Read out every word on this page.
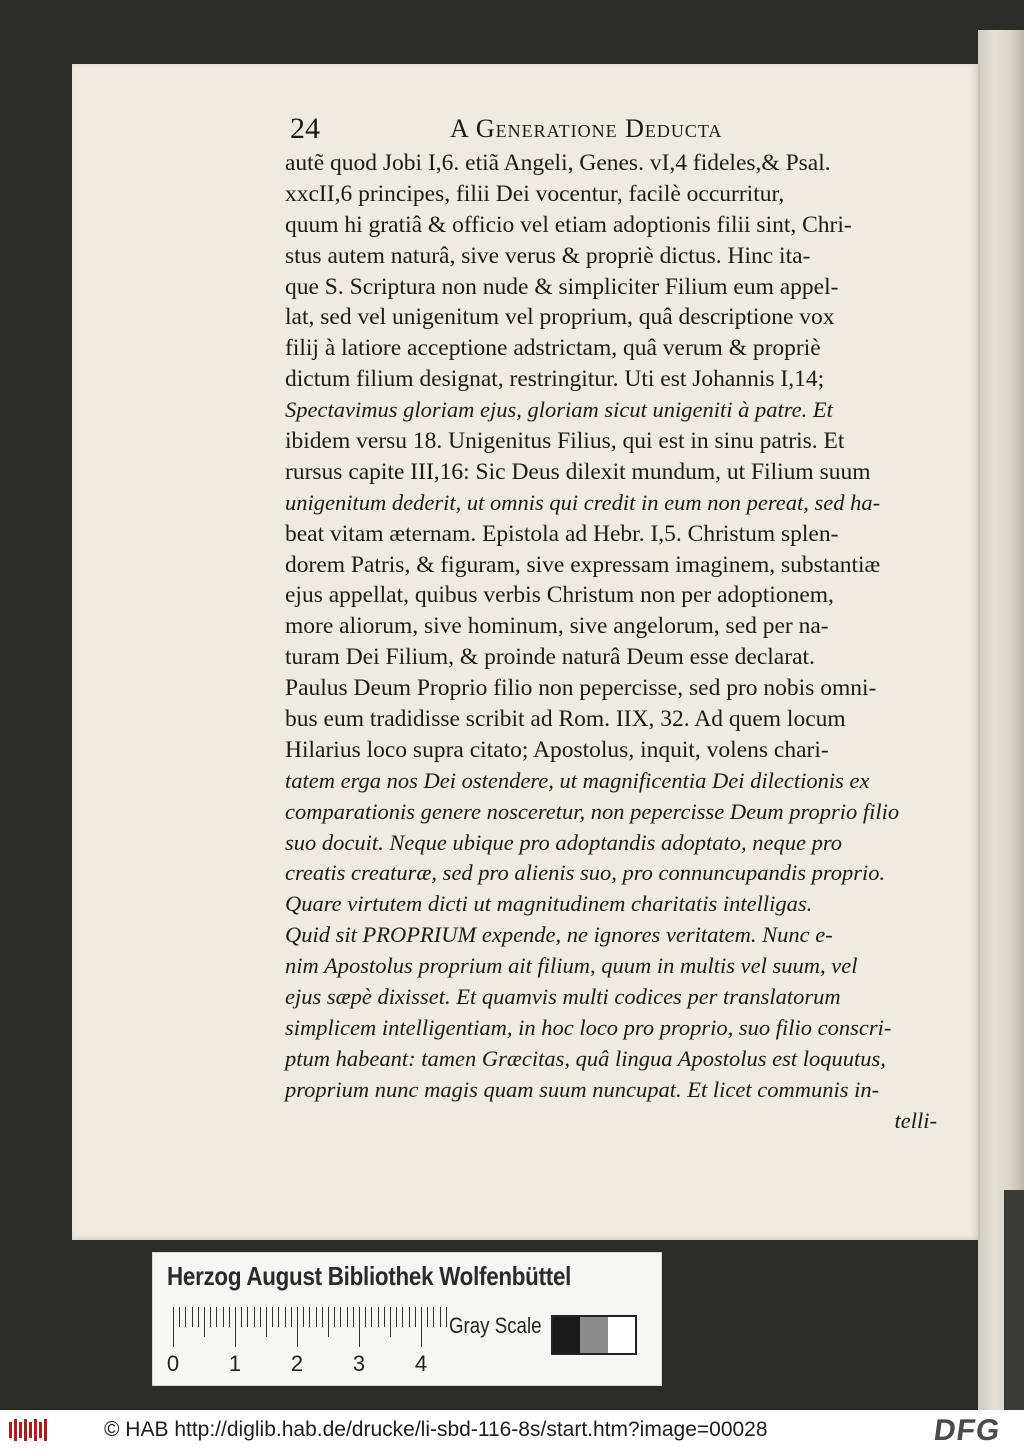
24	A Generatione Deducta
autẽ quod Jobi I,6. etiã Angeli, Genes. vI,4 fideles,& Psal.
xxcII,6 principes, filii Dei vocentur, facilè occurritur,
quum hi gratiâ & officio vel etiam adoptionis filii sint, Chri-
stus autem naturâ, sive verus & propriè dictus. Hinc ita-
que S. Scriptura non nude & simpliciter Filium eum appel-
lat, sed vel unigenitum vel proprium, quâ descriptione vox
filij à latiore acceptione adstrictam, quâ verum & propriè
dictum filium designat, restringitur. Uti est Johannis I,14;
Spectavimus gloriam ejus, gloriam sicut unigeniti à patre. Et
ibidem versu 18. Unigenitus Filius, qui est in sinu patris. Et
rursus capite III,16: Sic Deus dilexit mundum, ut Filium suum
unigenitum dederit, ut omnis qui credit in eum non pereat, sed ha-
beat vitam æternam. Epistola ad Hebr. I,5. Christum splen-
dorem Patris, & figuram, sive expressam imaginem, substantiæ
ejus appellat, quibus verbis Christum non per adoptionem,
more aliorum, sive hominum, sive angelorum, sed per na-
turam Dei Filium, & proinde naturâ Deum esse declarat.
Paulus Deum Proprio filio non pepercisse, sed pro nobis omni-
bus eum tradidisse scribit ad Rom. IIX, 32. Ad quem locum
Hilarius loco supra citato; Apostolus, inquit, volens chari-
tatem erga nos Dei ostendere, ut magnificentia Dei dilectionis ex
comparationis genere nosceretur, non pepercisse Deum proprio filio
suo docuit. Neque ubique pro adoptandis adoptato, neque pro
creatis creaturæ, sed pro alienis suo, pro connuncupandis proprio.
Quare virtutem dicti ut magnitudinem charitatis intelligas.
Quid sit PROPRIUM expende, ne ignores veritatem. Nunc e-
nim Apostolus proprium ait filium, quum in multis vel suum, vel
ejus sæpè dixisset. Et quamvis multi codices per translatorum
simplicem intelligentiam, in hoc loco pro proprio, suo filio conscri-
ptum habeant: tamen Græcitas, quâ lingua Apostolus est loquutus,
proprium nunc magis quam suum nuncupat. Et licet communis in-
telli-
Herzog August Bibliothek Wolfenbüttel
0 1 2 3 4
Gray Scale
© HAB http://diglib.hab.de/drucke/li-sbd-116-8s/start.htm?image=00028	DFG
